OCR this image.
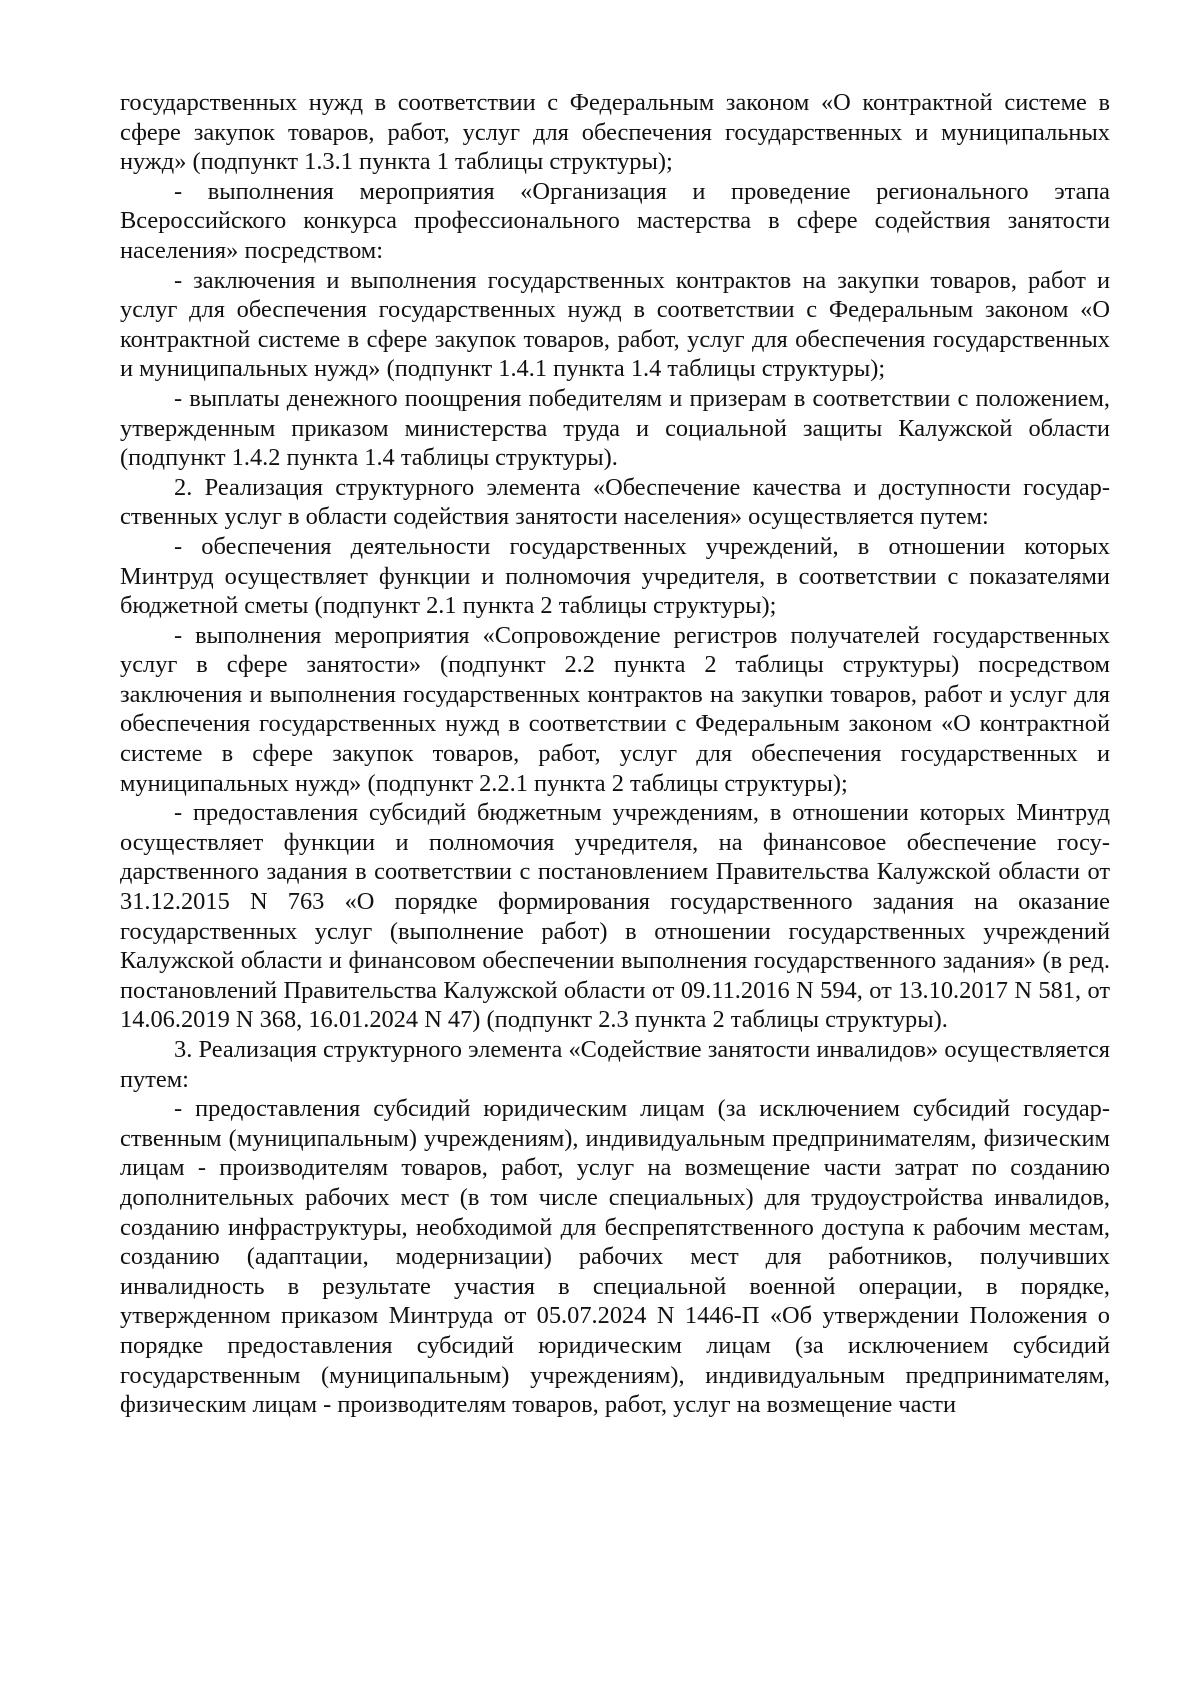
государственных нужд в соответствии с Федеральным законом «О контрактной системе в сфере закупок товаров, работ, услуг для обеспечения государственных и муниципальных нужд» (подпункт 1.3.1 пункта 1 таблицы структуры);

- выполнения мероприятия «Организация и проведение регионального этапа Всероссийского конкурса профессионального мастерства в сфере содействия занятости населения» посредством:

- заключения и выполнения государственных контрактов на закупки товаров, работ и услуг для обеспечения государственных нужд в соответствии с Федеральным законом «О контрактной системе в сфере закупок товаров, работ, услуг для обеспечения государственных и муниципальных нужд» (подпункт 1.4.1 пункта 1.4 таблицы структуры);

- выплаты денежного поощрения победителям и призерам в соответствии с положением, утвержденным приказом министерства труда и социальной защиты Калужской области (подпункт 1.4.2 пункта 1.4 таблицы структуры).

2. Реализация структурного элемента «Обеспечение качества и доступности государственных услуг в области содействия занятости населения» осуществляется путем:

- обеспечения деятельности государственных учреждений, в отношении которых Минтруд осуществляет функции и полномочия учредителя, в соответствии с показателями бюджетной сметы (подпункт 2.1 пункта 2 таблицы структуры);

- выполнения мероприятия «Сопровождение регистров получателей государственных услуг в сфере занятости» (подпункт 2.2 пункта 2 таблицы структуры) посредством заключения и выполнения государственных контрактов на закупки товаров, работ и услуг для обеспечения государственных нужд в соответствии с Федеральным законом «О контрактной системе в сфере закупок товаров, работ, услуг для обеспечения государственных и муниципальных нужд» (подпункт 2.2.1 пункта 2 таблицы структуры);

- предоставления субсидий бюджетным учреждениям, в отношении которых Минтруд осуществляет функции и полномочия учредителя, на финансовое обеспечение государственного задания в соответствии с постановлением Правительства Калужской области от 31.12.2015 N 763 «О порядке формирования государственного задания на оказание государственных услуг (выполнение работ) в отношении государственных учреждений Калужской области и финансовом обеспечении выполнения государственного задания» (в ред. постановлений Правительства Калужской области от 09.11.2016 N 594, от 13.10.2017 N 581, от 14.06.2019 N 368, 16.01.2024 N 47) (подпункт 2.3 пункта 2 таблицы структуры).

3. Реализация структурного элемента «Содействие занятости инвалидов» осуществляется путем:

- предоставления субсидий юридическим лицам (за исключением субсидий государственным (муниципальным) учреждениям), индивидуальным предпринимателям, физическим лицам - производителям товаров, работ, услуг на возмещение части затрат по созданию дополнительных рабочих мест (в том числе специальных) для трудоустройства инвалидов, созданию инфраструктуры, необходимой для беспрепятственного доступа к рабочим местам, созданию (адаптации, модернизации) рабочих мест для работников, получивших инвалидность в результате участия в специальной военной операции, в порядке, утвержденном приказом Минтруда от 05.07.2024 N 1446-П «Об утверждении Положения о порядке предоставления субсидий юридическим лицам (за исключением субсидий государственным (муниципальным) учреждениям), индивидуальным предпринимателям, физическим лицам - производителям товаров, работ, услуг на возмещение части
